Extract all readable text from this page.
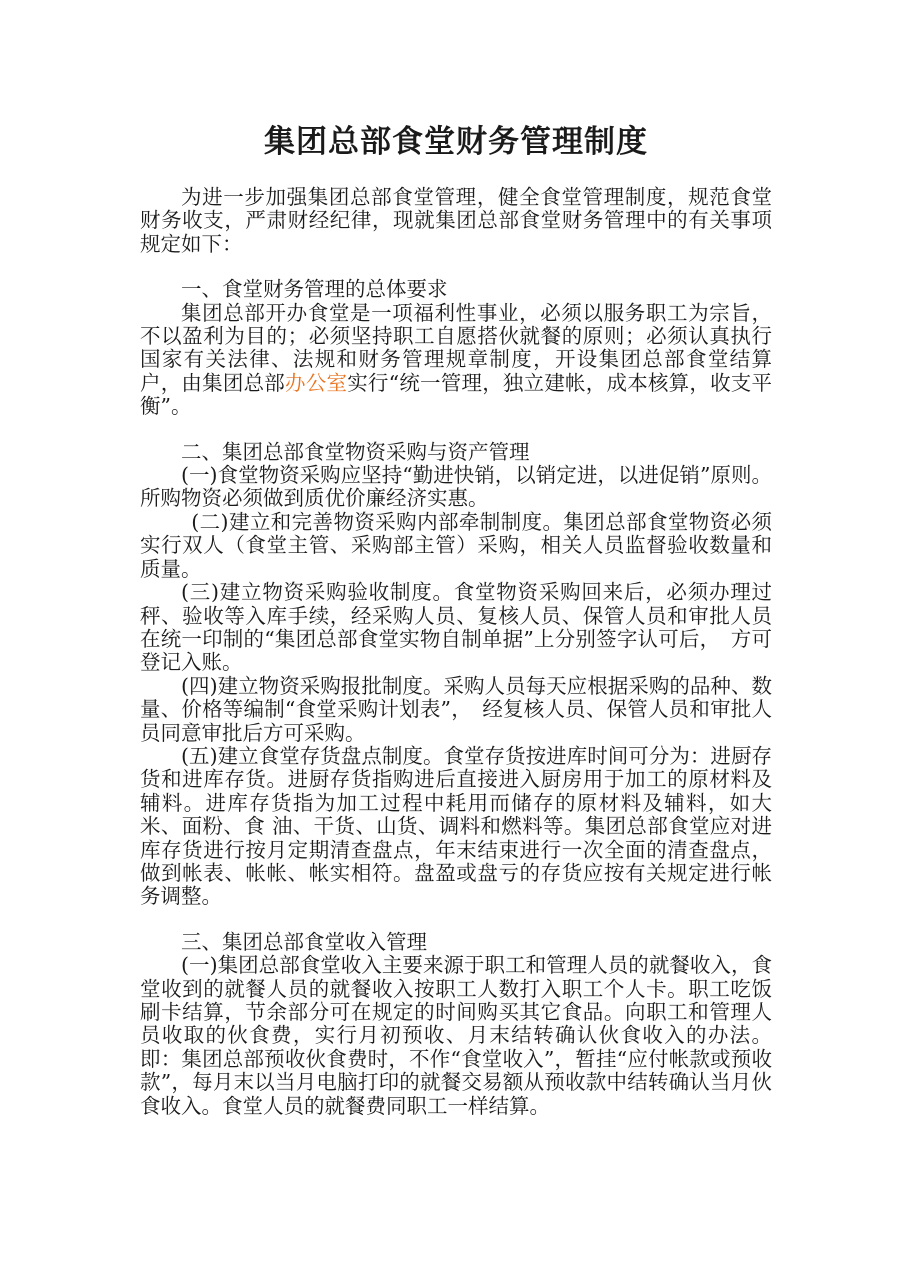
集团总部食堂财务管理制度

为进一步加强集团总部食堂管理，健全食堂管理制度，规范食堂财务收支，严肃财经纪律，现就集团总部食堂财务管理中的有关事项规定如下：

一、食堂财务管理的总体要求

集团总部开办食堂是一项福利性事业，必须以服务职工为宗旨，不以盈利为目的；必须坚持职工自愿搭伙就餐的原则；必须认真执行国家有关法律、法规和财务管理规章制度，开设集团总部食堂结算户，由集团总部办公室实行“统一管理，独立建帐，成本核算，收支平衡”。

二、集团总部食堂物资采购与资产管理

(一)食堂物资采购应坚持“勤进快销，以销定进，以进促销”原则。所购物资必须做到质优价廉经济实惠。

(二)建立和完善物资采购内部牵制制度。集团总部食堂物资必须实行双人（食堂主管、采购部主管）采购，相关人员监督验收数量和质量。

(三)建立物资采购验收制度。食堂物资采购回来后，必须办理过秤、验收等入库手续，经采购人员、复核人员、保管人员和审批人员在统一印制的“集团总部食堂实物自制单据”上分别签字认可后，　方可登记入账。

(四)建立物资采购报批制度。采购人员每天应根据采购的品种、数量、价格等编制“食堂采购计划表”，　经复核人员、保管人员和审批人员同意审批后方可采购。

(五)建立食堂存货盘点制度。食堂存货按进库时间可分为：进厨存货和进库存货。进厨存货指购进后直接进入厨房用于加工的原材料及辅料。进库存货指为加工过程中耗用而储存的原材料及辅料，如大米、面粉、食 油、干货、山货、调料和燃料等。集团总部食堂应对进库存货进行按月定期清查盘点，年末结束进行一次全面的清查盘点，做到帐表、帐帐、帐实相符。盘盈或盘亏的存货应按有关规定进行帐务调整。

三、集团总部食堂收入管理

(一)集团总部食堂收入主要来源于职工和管理人员的就餐收入，食堂收到的就餐人员的就餐收入按职工人数打入职工个人卡。职工吃饭刷卡结算，节余部分可在规定的时间购买其它食品。向职工和管理人员收取的伙食费，实行月初预收、月末结转确认伙食收入的办法。即：集团总部预收伙食费时，不作“食堂收入”，暂挂“应付帐款或预收款”，每月末以当月电脑打印的就餐交易额从预收款中结转确认当月伙食收入。食堂人员的就餐费同职工一样结算。
